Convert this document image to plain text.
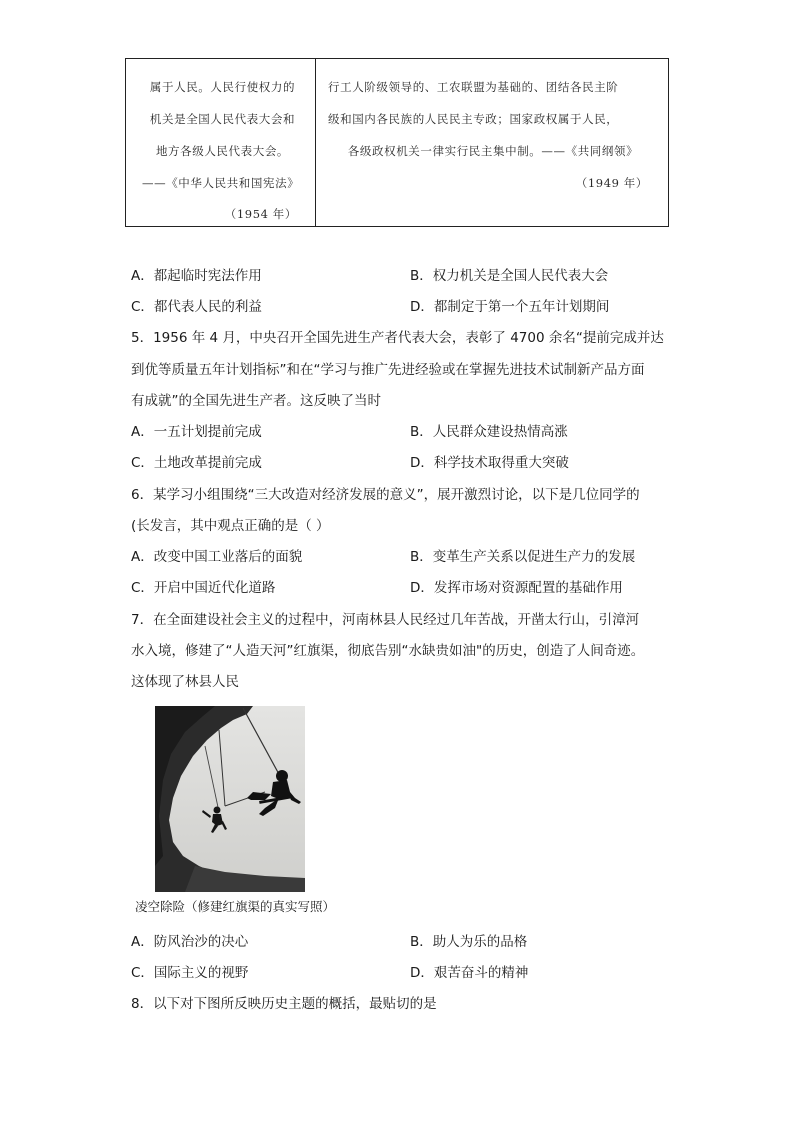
属于人民。人民行使权力的
机关是全国人民代表大会和
地方各级人民代表大会。
——《中华人民共和国宪法》
（1954 年）
行工人阶级领导的、工农联盟为基础的、团结各民主阶
级和国内各民族的人民民主专政；国家政权属于人民，
各级政权机关一律实行民主集中制。——《共同纲领》
（1949 年）
A．都起临时宪法作用	B．权力机关是全国人民代表大会
C．都代表人民的利益	D．都制定于第一个五年计划期间
5．1956 年 4 月，中央召开全国先进生产者代表大会，表彰了 4700 余名“提前完成并达
到优等质量五年计划指标”和在“学习与推广先进经验或在掌握先进技术试制新产品方面
有成就”的全国先进生产者。这反映了当时
A．一五计划提前完成	B．人民群众建设热情高涨
C．土地改革提前完成	D．科学技术取得重大突破
6．某学习小组围绕“三大改造对经济发展的意义”，展开激烈讨论，以下是几位同学的
(长发言，其中观点正确的是（ ）
A．改变中国工业落后的面貌	B．变革生产关系以促进生产力的发展
C．开启中国近代化道路	D．发挥市场对资源配置的基础作用
7．在全面建设社会主义的过程中，河南林县人民经过几年苦战，开凿太行山，引漳河
水入境，修建了“人造天河”红旗渠，彻底告别“水缺贵如油"的历史，创造了人间奇迹。
这体现了林县人民
凌空除险（修建红旗渠的真实写照）
A．防风治沙的决心	B．助人为乐的品格
C．国际主义的视野	D．艰苦奋斗的精神
8．以下对下图所反映历史主题的概括，最贴切的是
